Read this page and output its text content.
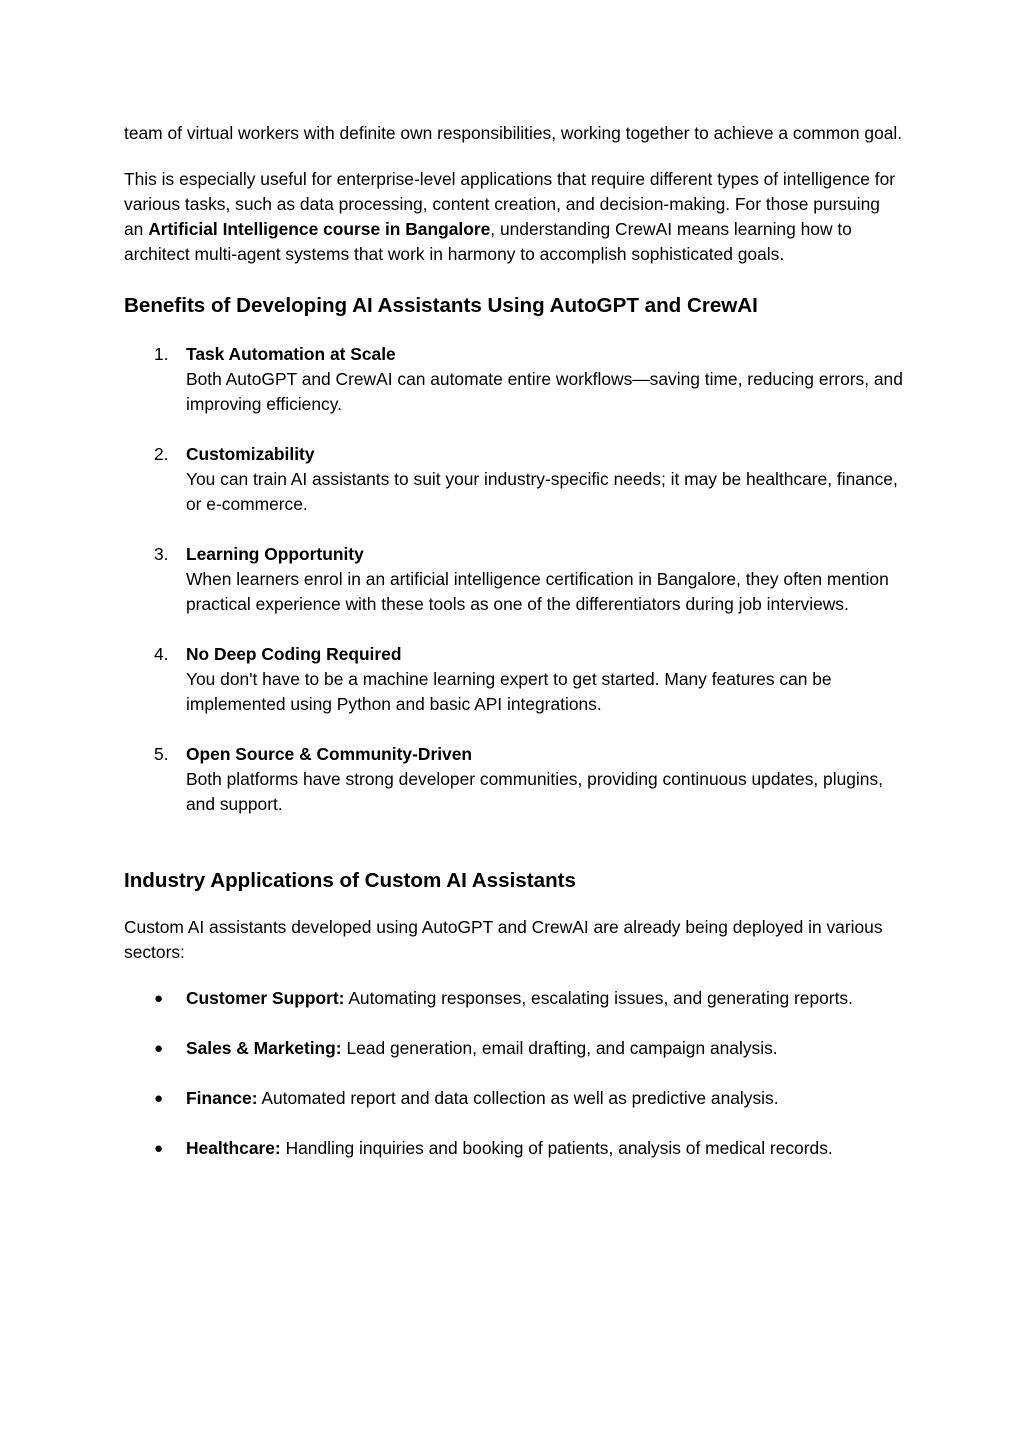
team of virtual workers with definite own responsibilities, working together to achieve a common goal.

This is especially useful for enterprise-level applications that require different types of intelligence for various tasks, such as data processing, content creation, and decision-making. For those pursuing an Artificial Intelligence course in Bangalore, understanding CrewAI means learning how to architect multi-agent systems that work in harmony to accomplish sophisticated goals.

Benefits of Developing AI Assistants Using AutoGPT and CrewAI
1. Task Automation at Scale
Both AutoGPT and CrewAI can automate entire workflows—saving time, reducing errors, and improving efficiency.
2. Customizability
You can train AI assistants to suit your industry-specific needs; it may be healthcare, finance, or e-commerce.
3. Learning Opportunity
When learners enrol in an artificial intelligence certification in Bangalore, they often mention practical experience with these tools as one of the differentiators during job interviews.
4. No Deep Coding Required
You don't have to be a machine learning expert to get started. Many features can be implemented using Python and basic API integrations.
5. Open Source & Community-Driven
Both platforms have strong developer communities, providing continuous updates, plugins, and support.
Industry Applications of Custom AI Assistants

Custom AI assistants developed using AutoGPT and CrewAI are already being deployed in various sectors:

● Customer Support: Automating responses, escalating issues, and generating reports.
● Sales & Marketing: Lead generation, email drafting, and campaign analysis.
● Finance: Automated report and data collection as well as predictive analysis.
● Healthcare: Handling inquiries and booking of patients, analysis of medical records.
